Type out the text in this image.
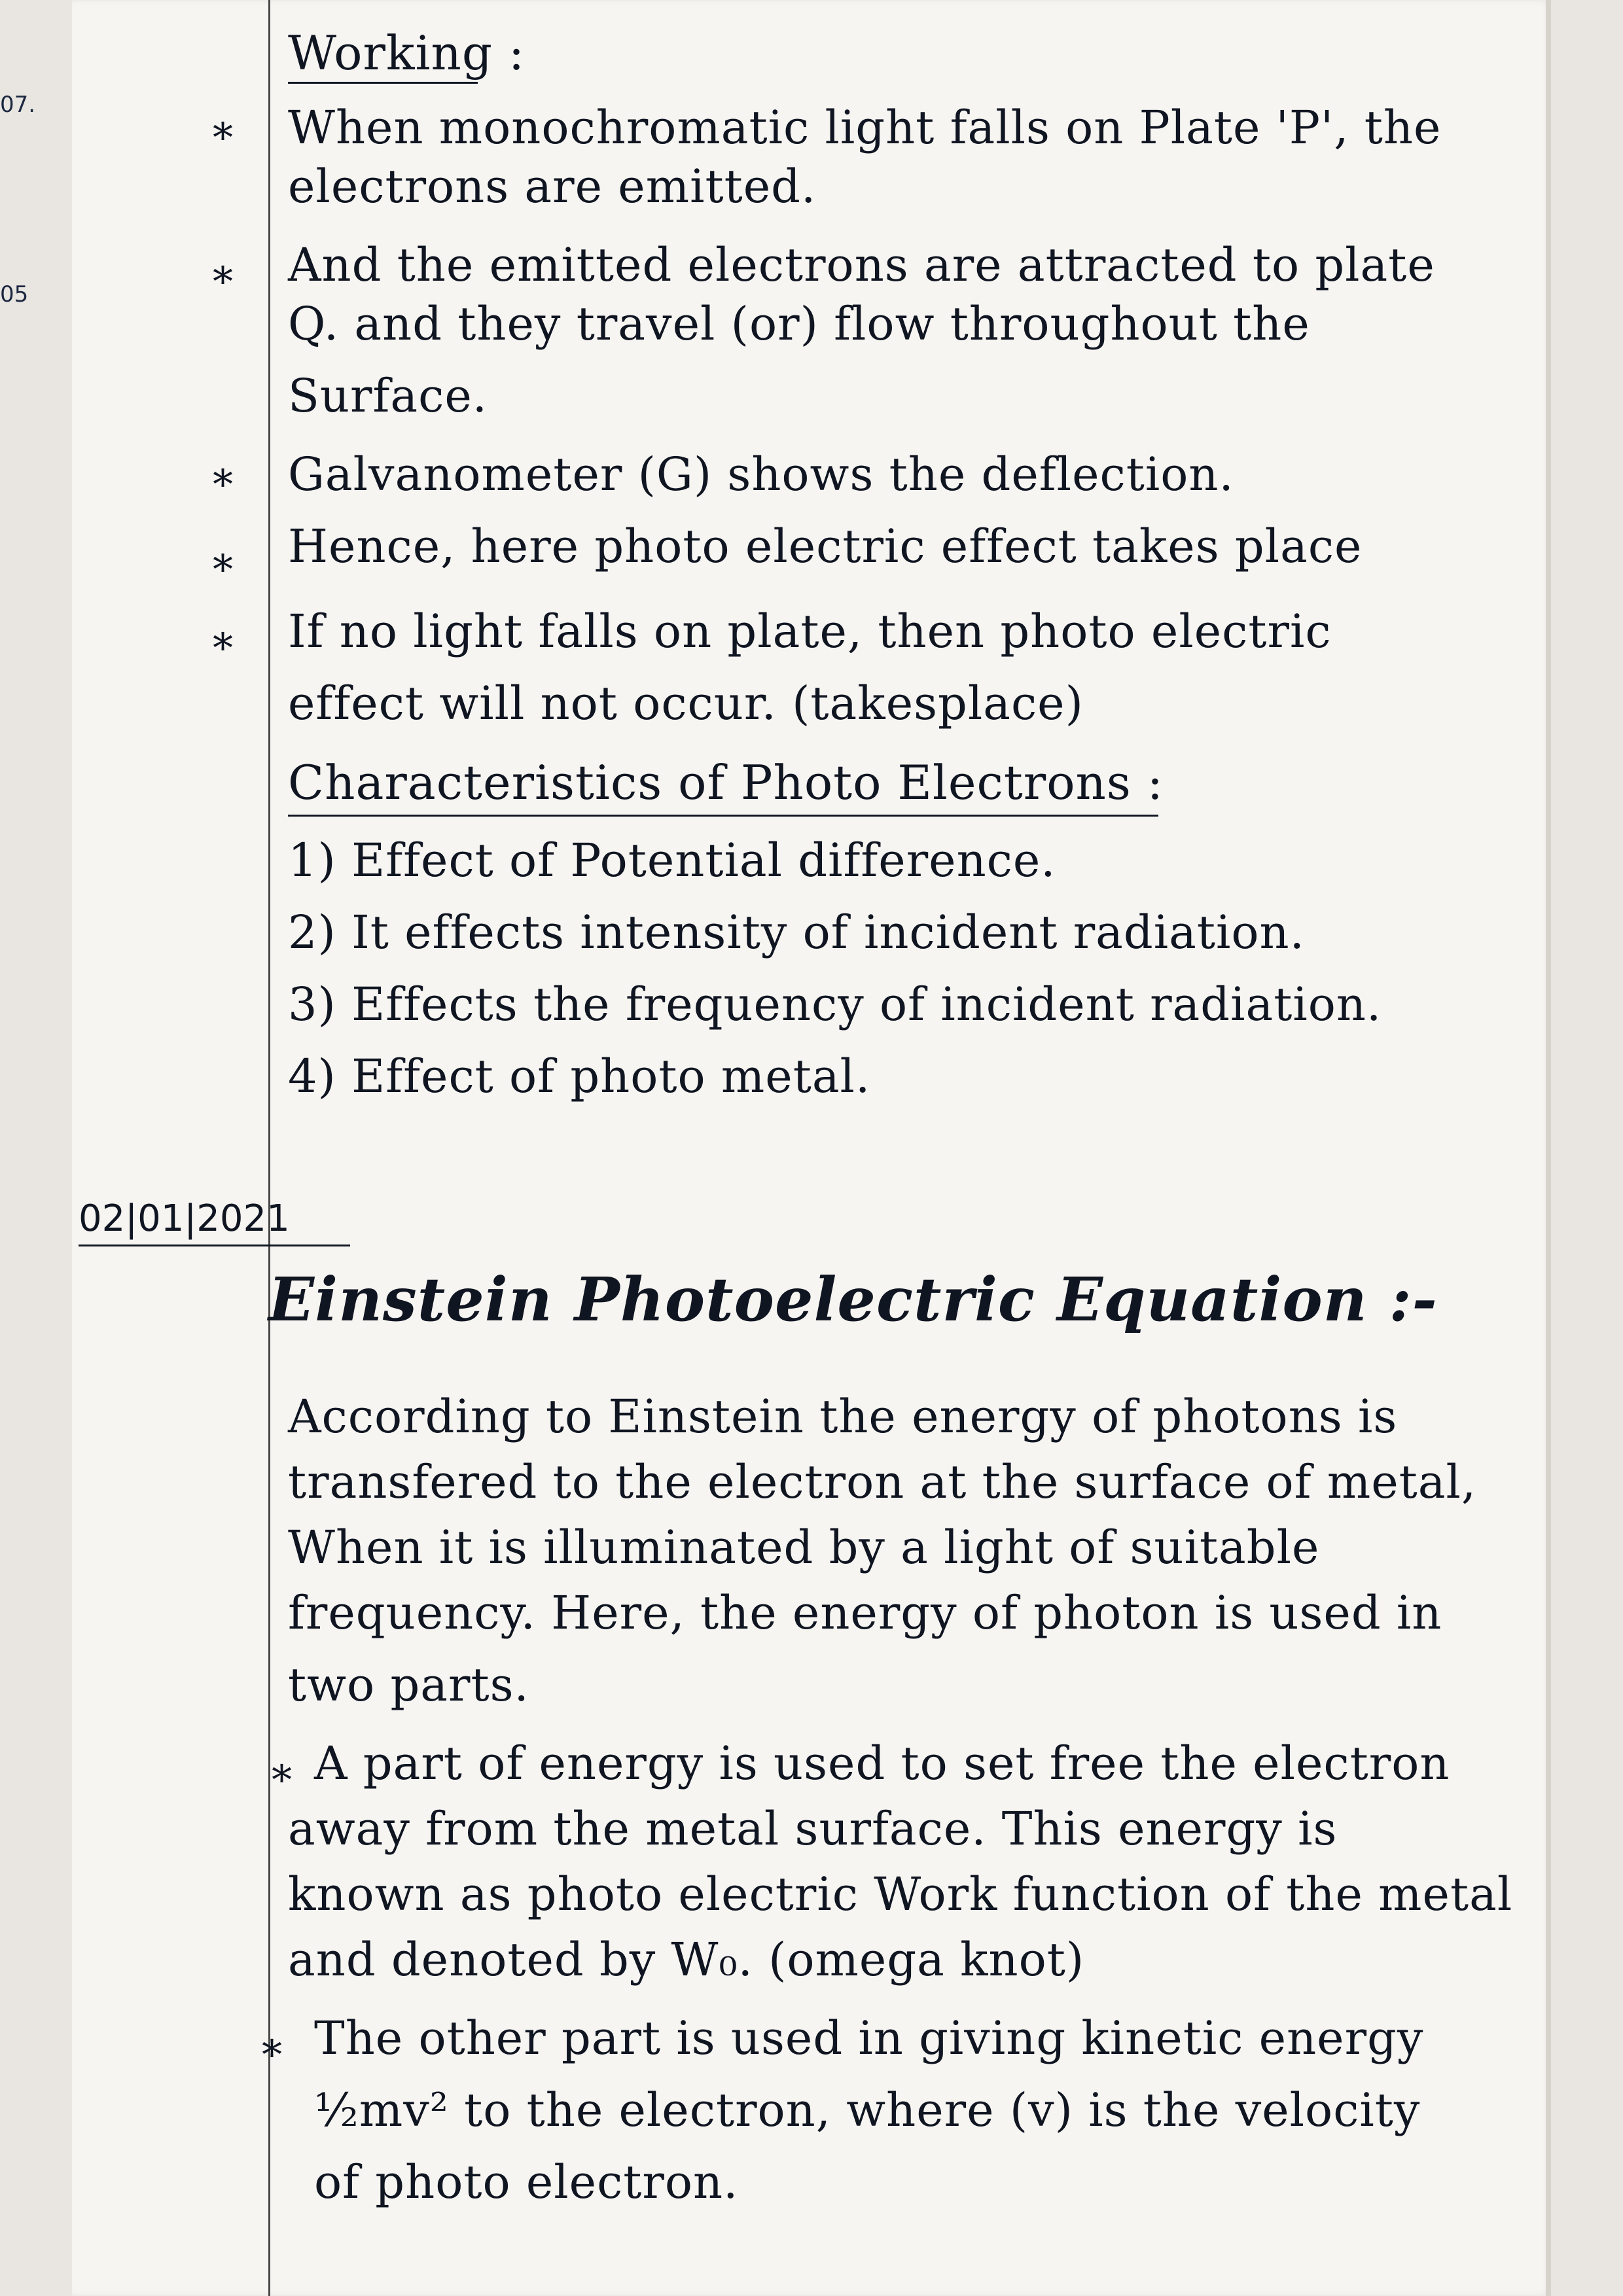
Working :
* When monochromatic light falls on Plate 'P', the
electrons are emitted.
* And the emitted electrons are attracted to plate
Q. and they travel (or) flow throughout the
Surface.
* Galvanometer (G) shows the deflection.
* Hence, here photo electric effect takes place
* If no light falls on plate, then photo electric
effect will not occur. (takesplace)
Characteristics of Photo Electrons :
1) Effect of Potential difference.
2) It effects intensity of incident radiation.
3) Effects the frequency of incident radiation.
4) Effect of photo metal.
02|01|2021
Einstein Photoelectric Equation :-
According to Einstein the energy of photons is
transfered to the electron at the surface of metal,
When it is illuminated by a light of suitable
frequency. Here, the energy of photon is used in
two parts.
* A part of energy is used to set free the electron
away from the metal surface. This energy is
known as photo electric Work function of the metal
and denoted by W₀. (omega knot)
* The other part is used in giving kinetic energy
½mv² to the electron, where (v) is the velocity
of photo electron.
07.
05
